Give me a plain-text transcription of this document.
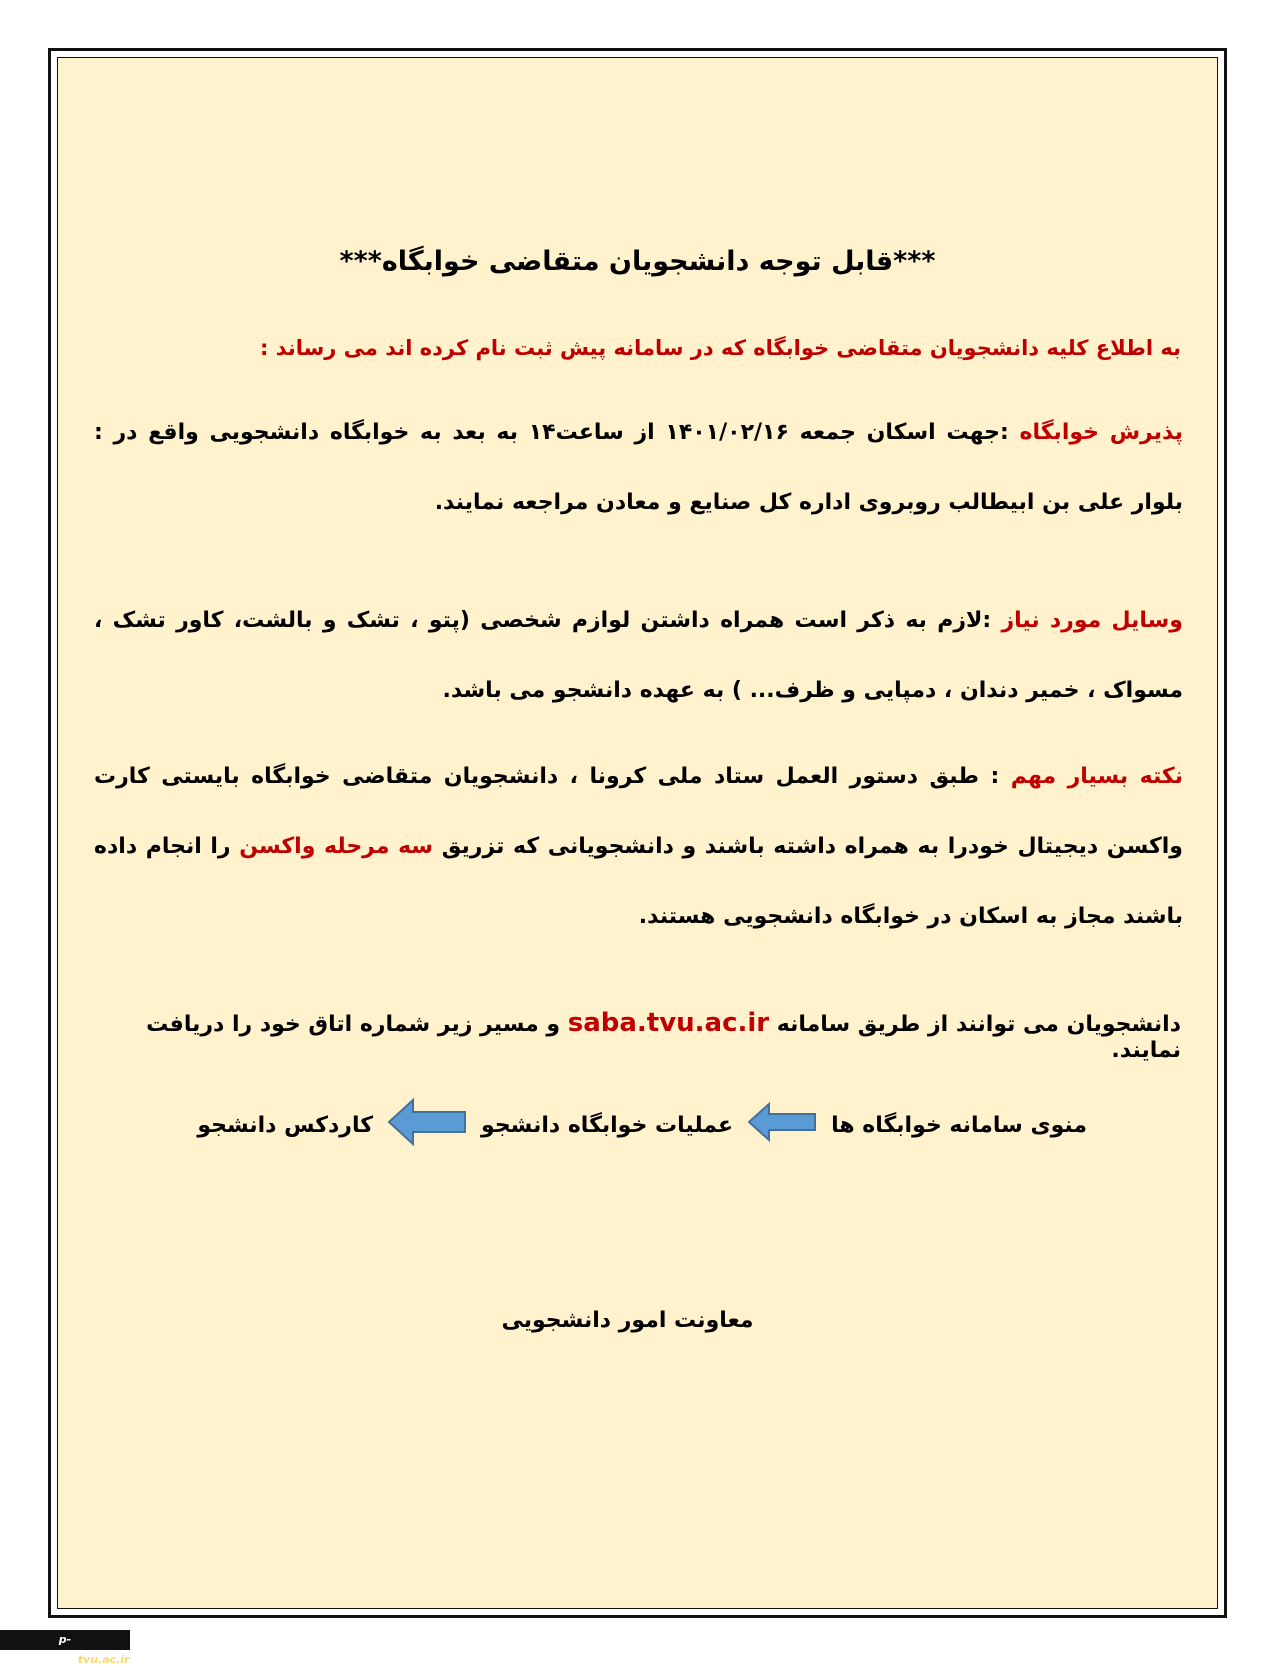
***قابل توجه دانشجویان متقاضی خوابگاه***
به اطلاع کلیه دانشجویان متقاضی خوابگاه که در سامانه پیش ثبت نام کرده اند می رساند :
پذیرش خوابگاه :جهت اسکان جمعه ۱۴۰۱/۰۲/۱۶ از ساعت۱۴ به بعد به خوابگاه دانشجویی واقع در : بلوار علی بن ابیطالب روبروی اداره کل صنایع و معادن مراجعه نمایند.
وسایل مورد نیاز :لازم به ذکر است همراه داشتن لوازم شخصی (پتو ، تشک و بالشت، کاور تشک ، مسواک ، خمیر دندان ، دمپایی و ظرف... ) به عهده دانشجو می باشد.
نکته بسیار مهم : طبق دستور العمل ستاد ملی کرونا ، دانشجویان متقاضی خوابگاه بایستی کارت واکسن دیجیتال خودرا به همراه داشته باشند و دانشجویانی که تزریق سه مرحله واکسن را انجام داده باشند مجاز به اسکان در خوابگاه دانشجویی هستند.
دانشجویان می توانند از طریق سامانه saba.tvu.ac.ir و مسیر زیر شماره اتاق خود را دریافت نمایند.
منوی سامانه خوابگاه ها
عملیات خوابگاه دانشجو
کاردکس دانشجو
معاونت امور دانشجویی
p-bandarabas.tvu.ac.ir
